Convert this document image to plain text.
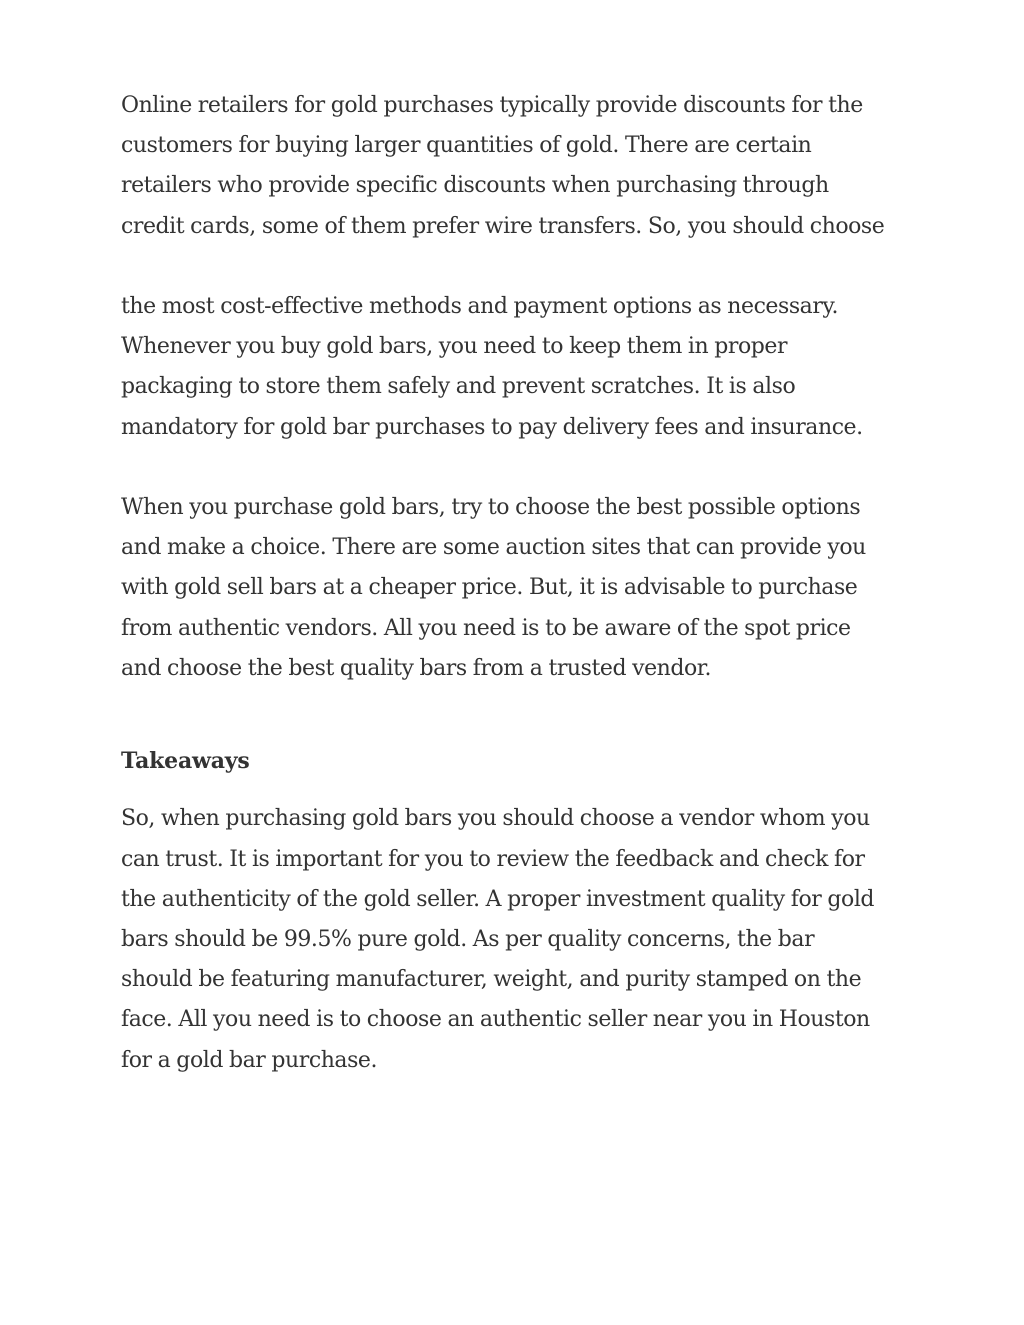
Online retailers for gold purchases typically provide discounts for the
customers for buying larger quantities of gold. There are certain
retailers who provide specific discounts when purchasing through
credit cards, some of them prefer wire transfers. So, you should choose

the most cost-effective methods and payment options as necessary.
Whenever you buy gold bars, you need to keep them in proper
packaging to store them safely and prevent scratches. It is also
mandatory for gold bar purchases to pay delivery fees and insurance.

When you purchase gold bars, try to choose the best possible options
and make a choice. There are some auction sites that can provide you
with gold sell bars at a cheaper price. But, it is advisable to purchase
from authentic vendors. All you need is to be aware of the spot price
and choose the best quality bars from a trusted vendor.

Takeaways

So, when purchasing gold bars you should choose a vendor whom you
can trust. It is important for you to review the feedback and check for
the authenticity of the gold seller. A proper investment quality for gold
bars should be 99.5% pure gold. As per quality concerns, the bar
should be featuring manufacturer, weight, and purity stamped on the
face. All you need is to choose an authentic seller near you in Houston
for a gold bar purchase.
